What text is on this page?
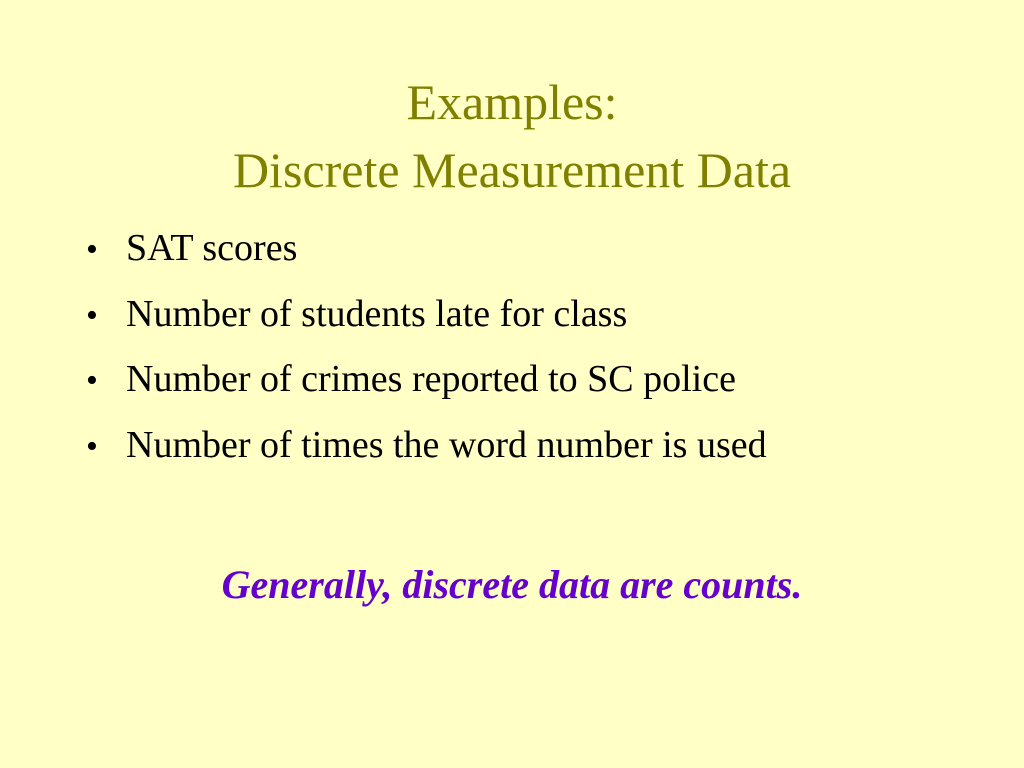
Examples:
Discrete Measurement Data
• SAT scores
• Number of students late for class
• Number of crimes reported to SC police
• Number of times the word number is used

Generally, discrete data are counts.
